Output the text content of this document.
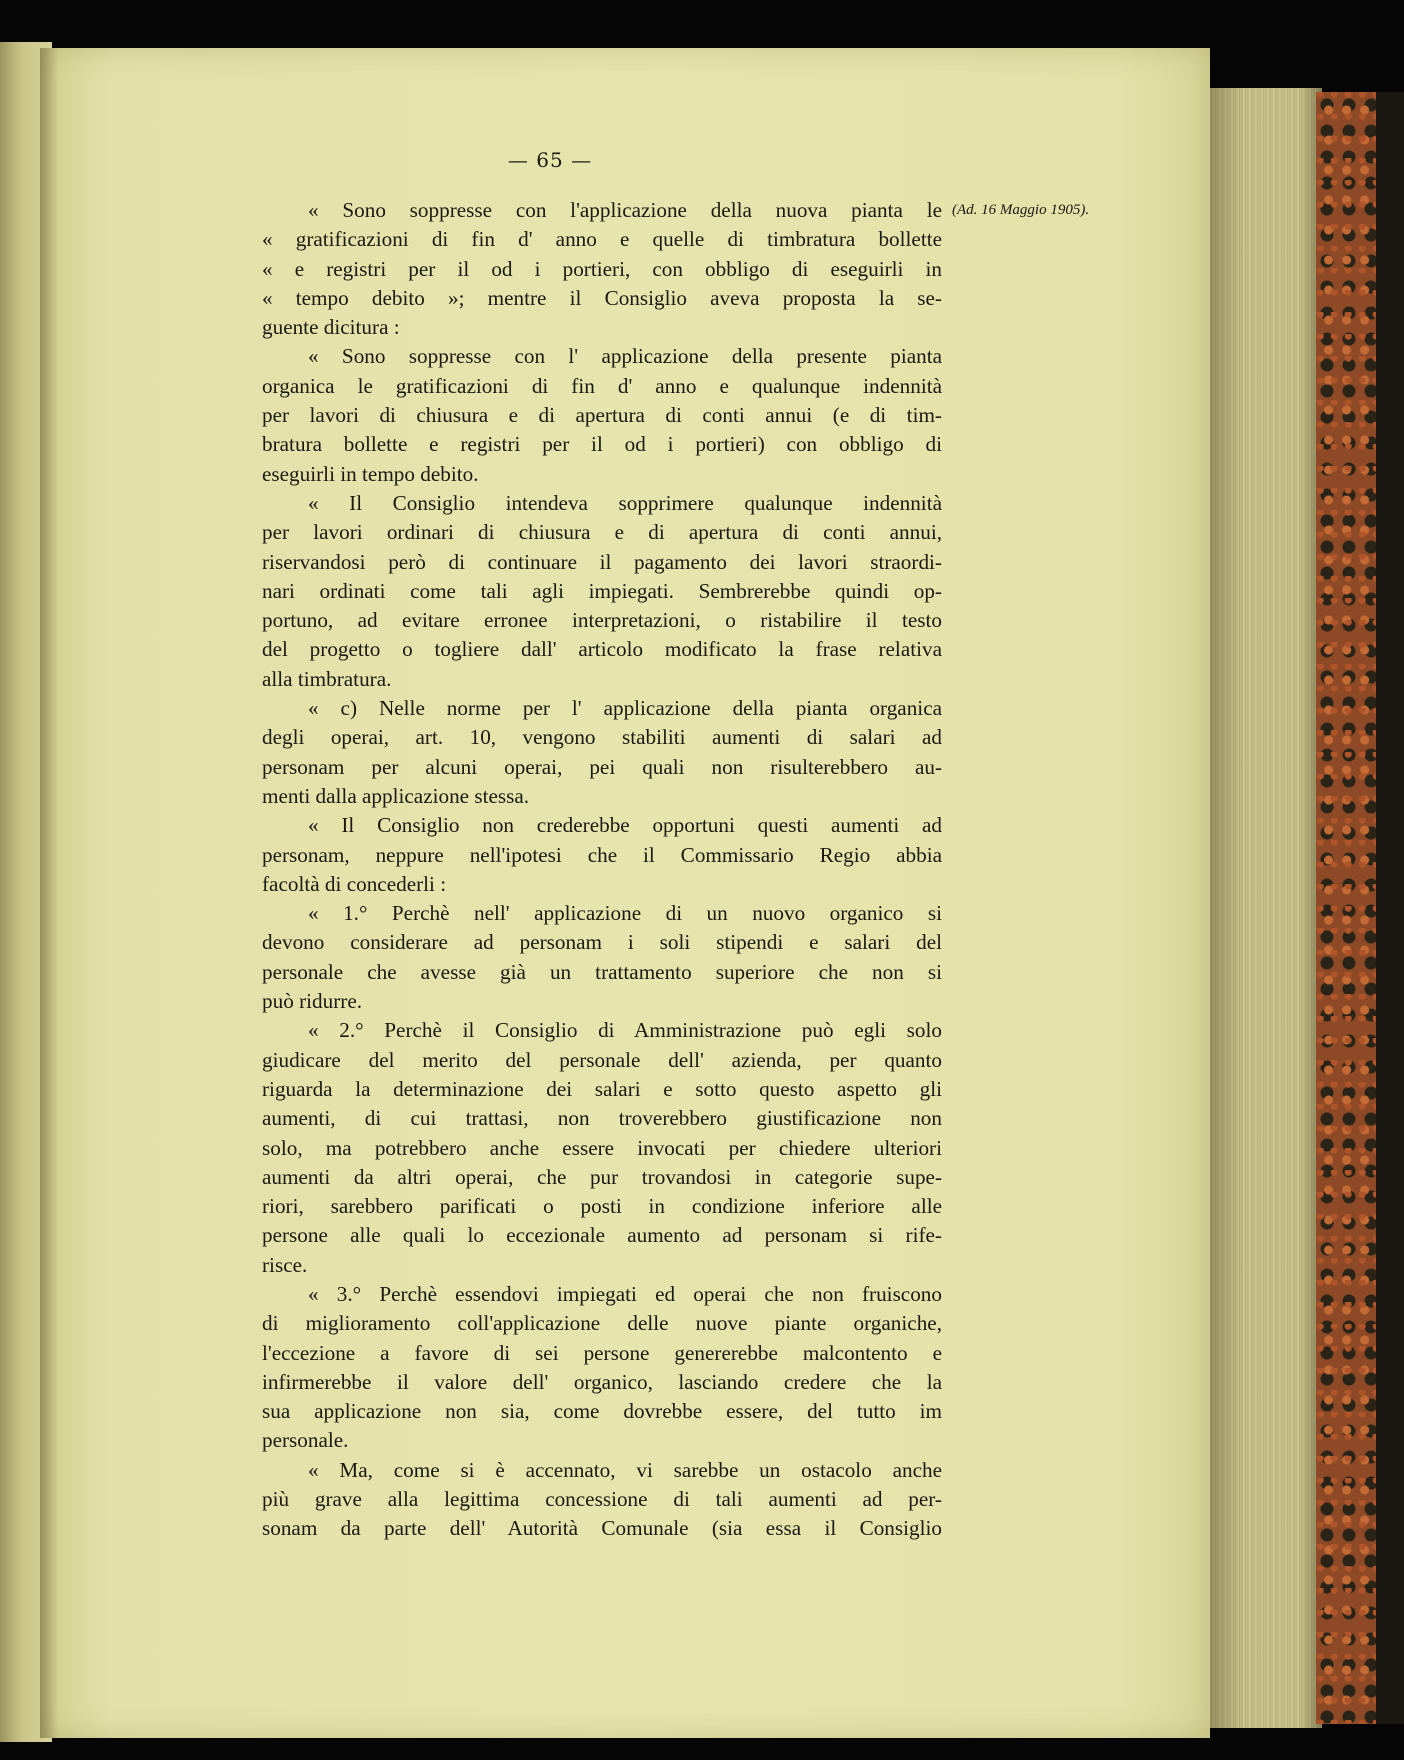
— 65 —
(Ad. 16 Maggio 1905).
« Sono soppresse con l'applicazione della nuova pianta le
« gratificazioni di fin d' anno e quelle di timbratura bollette
« e registri per il od i portieri, con obbligo di eseguirli in
« tempo debito »; mentre il Consiglio aveva proposta la se-
guente dicitura :
« Sono soppresse con l' applicazione della presente pianta
organica le gratificazioni di fin d' anno e qualunque indennità
per lavori di chiusura e di apertura di conti annui (e di tim-
bratura bollette e registri per il od i portieri) con obbligo di
eseguirli in tempo debito.
« Il Consiglio intendeva sopprimere qualunque indennità
per lavori ordinari di chiusura e di apertura di conti annui,
riservandosi però di continuare il pagamento dei lavori straordi-
nari ordinati come tali agli impiegati. Sembrerebbe quindi op-
portuno, ad evitare erronee interpretazioni, o ristabilire il testo
del progetto o togliere dall' articolo modificato la frase relativa
alla timbratura.
« c) Nelle norme per l' applicazione della pianta organica
degli operai, art. 10, vengono stabiliti aumenti di salari ad
personam per alcuni operai, pei quali non risulterebbero au-
menti dalla applicazione stessa.
« Il Consiglio non crederebbe opportuni questi aumenti ad
personam, neppure nell'ipotesi che il Commissario Regio abbia
facoltà di concederli :
« 1.° Perchè nell' applicazione di un nuovo organico si
devono considerare ad personam i soli stipendi e salari del
personale che avesse già un trattamento superiore che non si
può ridurre.
« 2.° Perchè il Consiglio di Amministrazione può egli solo
giudicare del merito del personale dell' azienda, per quanto
riguarda la determinazione dei salari e sotto questo aspetto gli
aumenti, di cui trattasi, non troverebbero giustificazione non
solo, ma potrebbero anche essere invocati per chiedere ulteriori
aumenti da altri operai, che pur trovandosi in categorie supe-
riori, sarebbero parificati o posti in condizione inferiore alle
persone alle quali lo eccezionale aumento ad personam si rife-
risce.
« 3.° Perchè essendovi impiegati ed operai che non fruiscono
di miglioramento coll'applicazione delle nuove piante organiche,
l'eccezione a favore di sei persone genererebbe malcontento e
infirmerebbe il valore dell' organico, lasciando credere che la
sua applicazione non sia, come dovrebbe essere, del tutto im
personale.
« Ma, come si è accennato, vi sarebbe un ostacolo anche
più grave alla legittima concessione di tali aumenti ad per-
sonam da parte dell' Autorità Comunale (sia essa il Consiglio
